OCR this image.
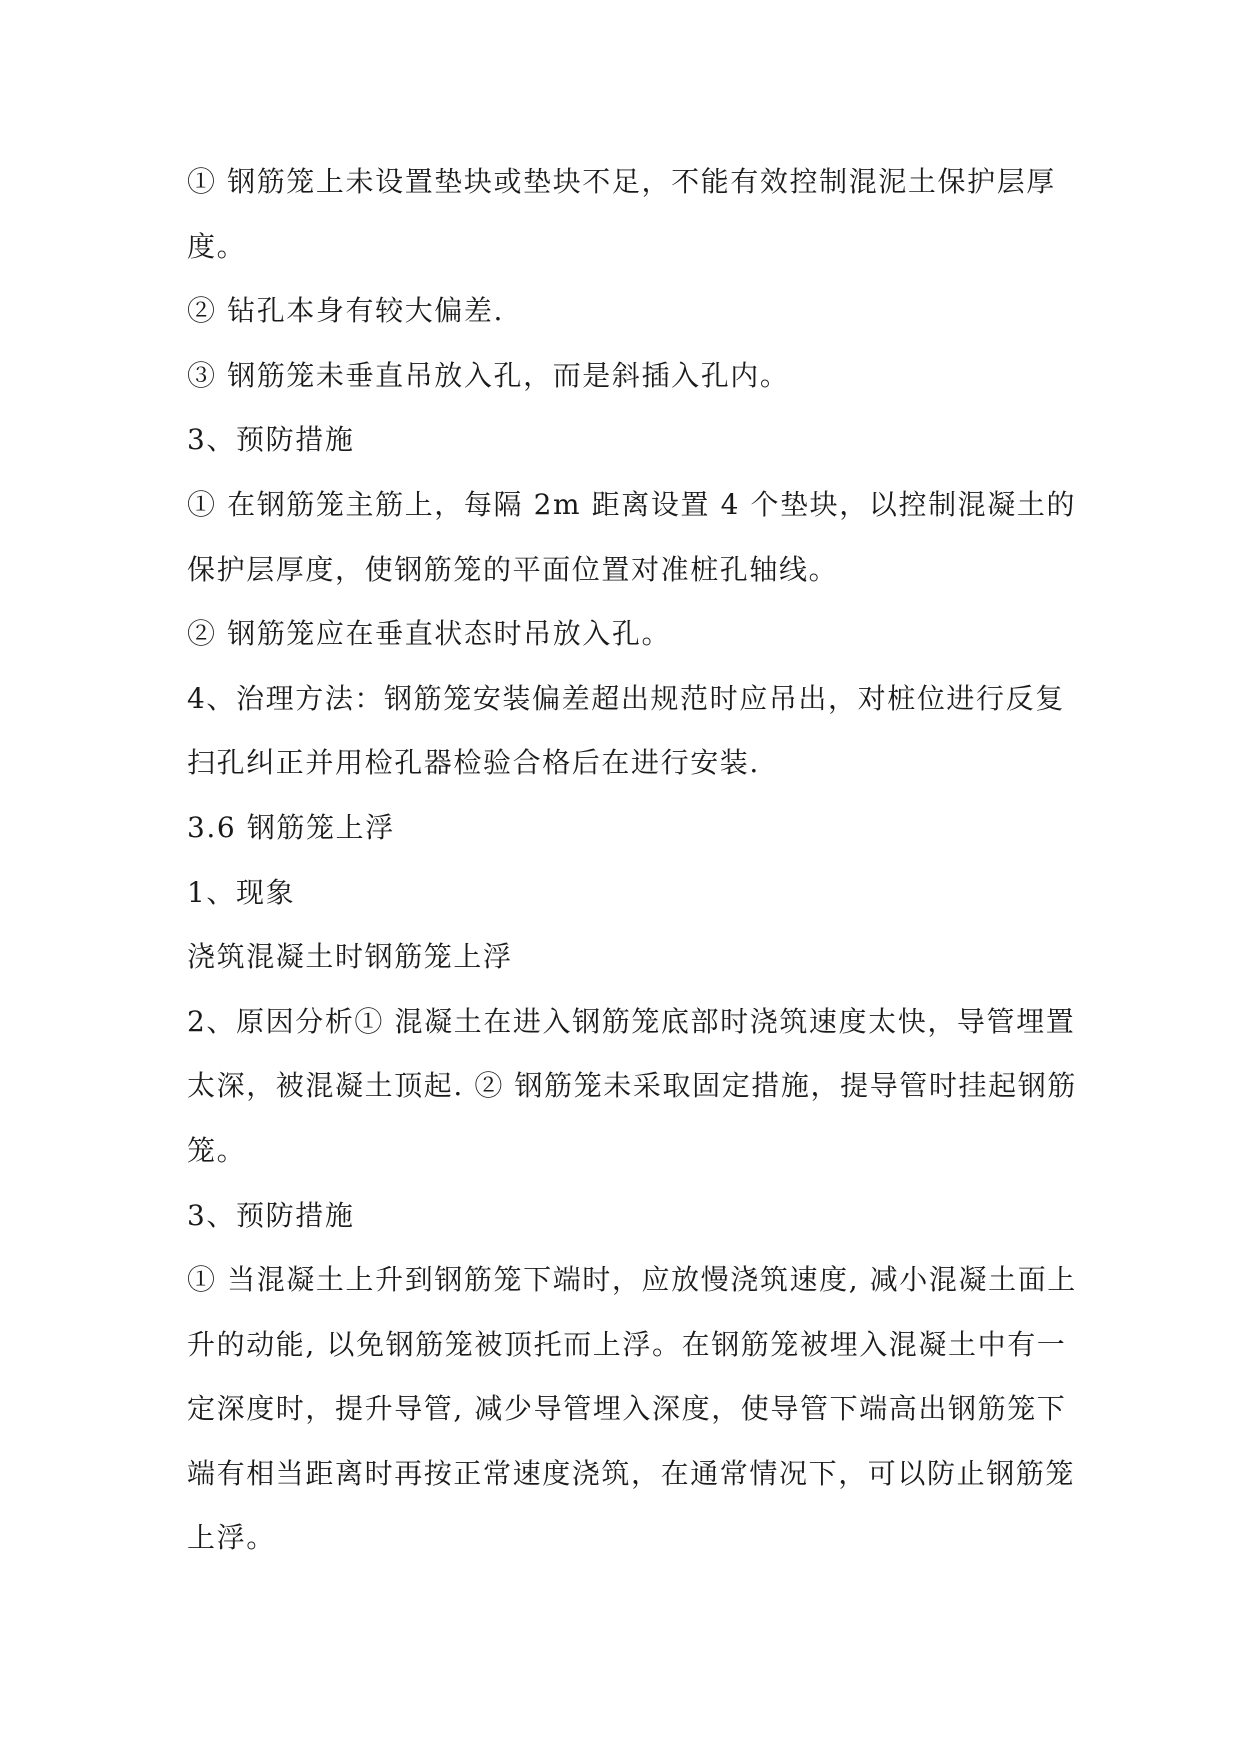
① 钢筋笼上未设置垫块或垫块不足，不能有效控制混泥土保护层厚

度。

② 钻孔本身有较大偏差.

③ 钢筋笼未垂直吊放入孔，而是斜插入孔内。

3、预防措施

① 在钢筋笼主筋上，每隔 2m 距离设置 4 个垫块，以控制混凝土的

保护层厚度，使钢筋笼的平面位置对准桩孔轴线。

② 钢筋笼应在垂直状态时吊放入孔。

4、治理方法：钢筋笼安装偏差超出规范时应吊出，对桩位进行反复

扫孔纠正并用检孔器检验合格后在进行安装.

3.6 钢筋笼上浮

1、现象

浇筑混凝土时钢筋笼上浮

2、原因分析① 混凝土在进入钢筋笼底部时浇筑速度太快，导管埋置

太深，被混凝土顶起. ② 钢筋笼未采取固定措施，提导管时挂起钢筋

笼。

3、预防措施

① 当混凝土上升到钢筋笼下端时，应放慢浇筑速度, 减小混凝土面上

升的动能, 以免钢筋笼被顶托而上浮。在钢筋笼被埋入混凝土中有一

定深度时，提升导管, 减少导管埋入深度，使导管下端高出钢筋笼下

端有相当距离时再按正常速度浇筑，在通常情况下，可以防止钢筋笼

上浮。
